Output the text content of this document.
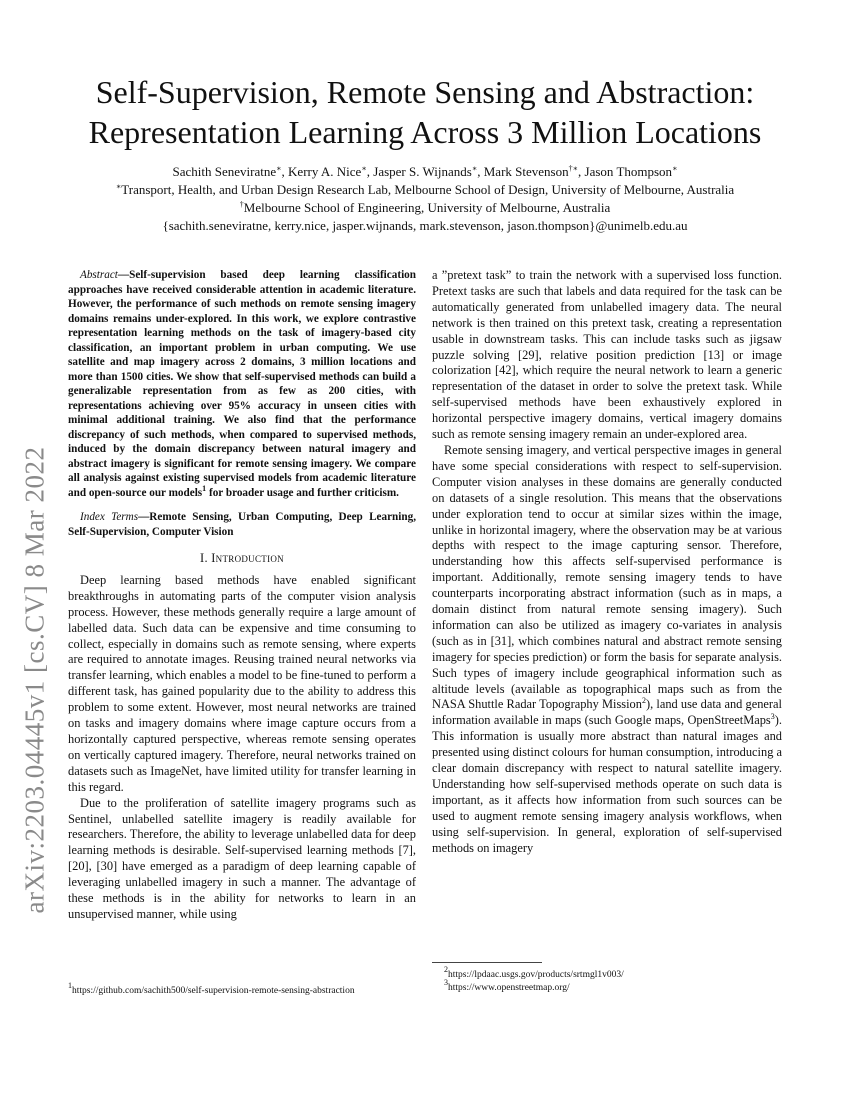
arXiv:2203.04445v1 [cs.CV] 8 Mar 2022
Self-Supervision, Remote Sensing and Abstraction:
Representation Learning Across 3 Million Locations
Sachith Seneviratne∗, Kerry A. Nice∗, Jasper S. Wijnands∗, Mark Stevenson†∗, Jason Thompson∗
∗Transport, Health, and Urban Design Research Lab, Melbourne School of Design, University of Melbourne, Australia
†Melbourne School of Engineering, University of Melbourne, Australia
{sachith.seneviratne, kerry.nice, jasper.wijnands, mark.stevenson, jason.thompson}@unimelb.edu.au

Abstract—Self-supervision based deep learning classification approaches have received considerable attention in academic literature. However, the performance of such methods on remote sensing imagery domains remains under-explored. In this work, we explore contrastive representation learning methods on the task of imagery-based city classification, an important problem in urban computing. We use satellite and map imagery across 2 domains, 3 million locations and more than 1500 cities. We show that self-supervised methods can build a generalizable representation from as few as 200 cities, with representations achieving over 95% accuracy in unseen cities with minimal additional training. We also find that the performance discrepancy of such methods, when compared to supervised methods, induced by the domain discrepancy between natural imagery and abstract imagery is significant for remote sensing imagery. We compare all analysis against existing supervised models from academic literature and open-source our models$^1$ for broader usage and further criticism.

Index Terms—Remote Sensing, Urban Computing, Deep Learning, Self-Supervision, Computer Vision

I. Introduction

Deep learning based methods have enabled significant breakthroughs in automating parts of the computer vision analysis process. However, these methods generally require a large amount of labelled data. Such data can be expensive and time consuming to collect, especially in domains such as remote sensing, where experts are required to annotate images. Reusing trained neural networks via transfer learning, which enables a model to be fine-tuned to perform a different task, has gained popularity due to the ability to address this problem to some extent. However, most neural networks are trained on tasks and imagery domains where image capture occurs from a horizontally captured perspective, whereas remote sensing operates on vertically captured imagery. Therefore, neural networks trained on datasets such as ImageNet, have limited utility for transfer learning in this regard.

Due to the proliferation of satellite imagery programs such as Sentinel, unlabelled satellite imagery is readily available for researchers. Therefore, the ability to leverage unlabelled data for deep learning methods is desirable. Self-supervised learning methods [7], [20], [30] have emerged as a paradigm of deep learning capable of leveraging unlabelled imagery in such a manner. The advantage of these methods is in the ability for networks to learn in an unsupervised manner, while using

a ”pretext task” to train the network with a supervised loss function. Pretext tasks are such that labels and data required for the task can be automatically generated from unlabelled imagery data. The neural network is then trained on this pretext task, creating a representation usable in downstream tasks. This can include tasks such as jigsaw puzzle solving [29], relative position prediction [13] or image colorization [42], which require the neural network to learn a generic representation of the dataset in order to solve the pretext task. While self-supervised methods have been exhaustively explored in horizontal perspective imagery domains, vertical imagery domains such as remote sensing imagery remain an under-explored area.

Remote sensing imagery, and vertical perspective images in general have some special considerations with respect to self-supervision. Computer vision analyses in these domains are generally conducted on datasets of a single resolution. This means that the observations under exploration tend to occur at similar sizes within the image, unlike in horizontal imagery, where the observation may be at various depths with respect to the image capturing sensor. Therefore, understanding how this affects self-supervised performance is important. Additionally, remote sensing imagery tends to have counterparts incorporating abstract information (such as in maps, a domain distinct from natural remote sensing imagery). Such information can also be utilized as imagery co-variates in analysis (such as in [31], which combines natural and abstract remote sensing imagery for species prediction) or form the basis for separate analysis. Such types of imagery include geographical information such as altitude levels (available as topographical maps such as from the NASA Shuttle Radar Topography Mission$^2$), land use data and general information available in maps (such Google maps, OpenStreetMaps$^3$). This information is usually more abstract than natural images and presented using distinct colours for human consumption, introducing a clear domain discrepancy with respect to natural satellite imagery. Understanding how self-supervised methods operate on such data is important, as it affects how information from such sources can be used to augment remote sensing imagery analysis workflows, when using self-supervision. In general, exploration of self-supervised methods on imagery

$^1$https://github.com/sachith500/self-supervision-remote-sensing-abstraction
$^2$https://lpdaac.usgs.gov/products/srtmgl1v003/
$^3$https://www.openstreetmap.org/
